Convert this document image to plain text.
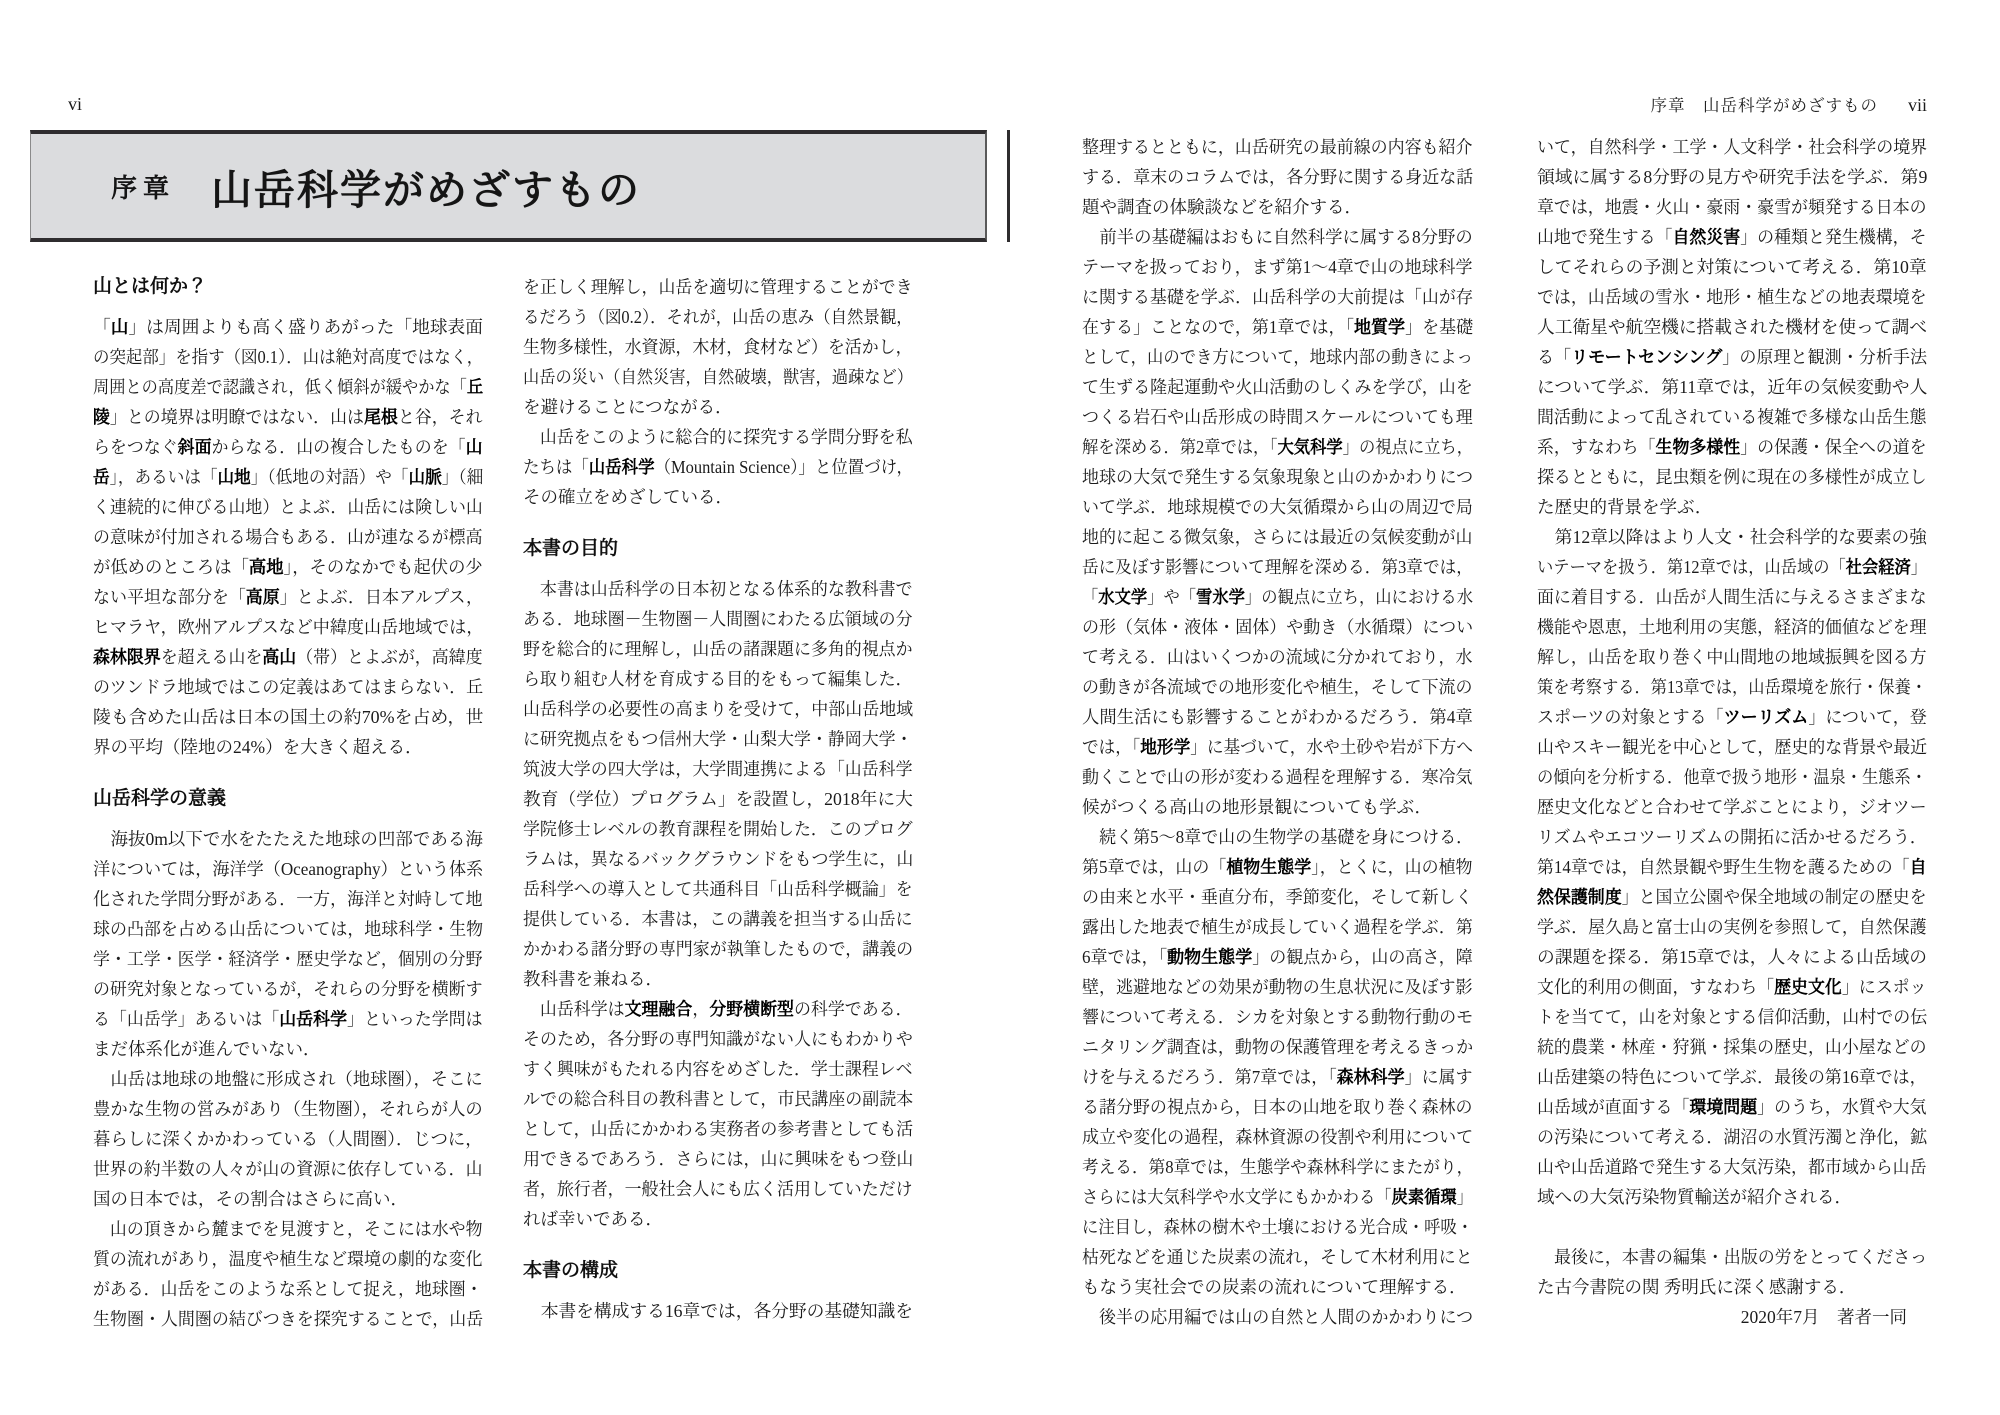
vi
序章 山岳科学がめざすもの
山とは何か？
「山」は周囲よりも高く盛りあがった「地球表面
の突起部」を指す（図0.1）．山は絶対高度ではなく，
周囲との高度差で認識され，低く傾斜が緩やかな「丘
陵」との境界は明瞭ではない．山は尾根と谷，それ
らをつなぐ斜面からなる．山の複合したものを「山
岳」，あるいは「山地」（低地の対語）や「山脈」（細
く連続的に伸びる山地）とよぶ．山岳には険しい山
の意味が付加される場合もある．山が連なるが標高
が低めのところは「高地」，そのなかでも起伏の少
ない平坦な部分を「高原」とよぶ．日本アルプス，
ヒマラヤ，欧州アルプスなど中緯度山岳地域では，
森林限界を超える山を高山（帯）とよぶが，高緯度
のツンドラ地域ではこの定義はあてはまらない．丘
陵も含めた山岳は日本の国土の約70%を占め，世
界の平均（陸地の24%）を大きく超える．
山岳科学の意義
　海抜0m以下で水をたたえた地球の凹部である海
洋については，海洋学（Oceanography）という体系
化された学問分野がある．一方，海洋と対峙して地
球の凸部を占める山岳については，地球科学・生物
学・工学・医学・経済学・歴史学など，個別の分野
の研究対象となっているが，それらの分野を横断す
る「山岳学」あるいは「山岳科学」といった学問は
まだ体系化が進んでいない．
　山岳は地球の地盤に形成され（地球圏），そこに
豊かな生物の営みがあり（生物圏），それらが人の
暮らしに深くかかわっている（人間圏）．じつに，
世界の約半数の人々が山の資源に依存している．山
国の日本では，その割合はさらに高い．
　山の頂きから麓までを見渡すと，そこには水や物
質の流れがあり，温度や植生など環境の劇的な変化
がある．山岳をこのような系として捉え，地球圏・
生物圏・人間圏の結びつきを探究することで，山岳
を正しく理解し，山岳を適切に管理することができ
るだろう（図0.2）．それが，山岳の恵み（自然景観，
生物多様性，水資源，木材，食材など）を活かし，
山岳の災い（自然災害，自然破壊，獣害，過疎など）
を避けることにつながる．
　山岳をこのように総合的に探究する学問分野を私
たちは「山岳科学（Mountain Science）」と位置づけ，
その確立をめざしている．
本書の目的
　本書は山岳科学の日本初となる体系的な教科書で
ある．地球圏－生物圏－人間圏にわたる広領域の分
野を総合的に理解し，山岳の諸課題に多角的視点か
ら取り組む人材を育成する目的をもって編集した．
山岳科学の必要性の高まりを受けて，中部山岳地域
に研究拠点をもつ信州大学・山梨大学・静岡大学・
筑波大学の四大学は，大学間連携による「山岳科学
教育（学位）プログラム」を設置し，2018年に大
学院修士レベルの教育課程を開始した．このプログ
ラムは，異なるバックグラウンドをもつ学生に，山
岳科学への導入として共通科目「山岳科学概論」を
提供している．本書は，この講義を担当する山岳に
かかわる諸分野の専門家が執筆したもので，講義の
教科書を兼ねる．
　山岳科学は文理融合，分野横断型の科学である．
そのため，各分野の専門知識がない人にもわかりや
すく興味がもたれる内容をめざした．学士課程レベ
ルでの総合科目の教科書として，市民講座の副読本
として，山岳にかかわる実務者の参考書としても活
用できるであろう．さらには，山に興味をもつ登山
者，旅行者，一般社会人にも広く活用していただけ
れば幸いである．
本書の構成
　本書を構成する16章では，各分野の基礎知識を
序章　山岳科学がめざすもの vii
整理するとともに，山岳研究の最前線の内容も紹介
する．章末のコラムでは，各分野に関する身近な話
題や調査の体験談などを紹介する．
　前半の基礎編はおもに自然科学に属する8分野の
テーマを扱っており，まず第1～4章で山の地球科学
に関する基礎を学ぶ．山岳科学の大前提は「山が存
在する」ことなので，第1章では，「地質学」を基礎
として，山のでき方について，地球内部の動きによっ
て生ずる隆起運動や火山活動のしくみを学び，山を
つくる岩石や山岳形成の時間スケールについても理
解を深める．第2章では，「大気科学」の視点に立ち，
地球の大気で発生する気象現象と山のかかわりにつ
いて学ぶ．地球規模での大気循環から山の周辺で局
地的に起こる微気象，さらには最近の気候変動が山
岳に及ぼす影響について理解を深める．第3章では，
「水文学」や「雪氷学」の観点に立ち，山における水
の形（気体・液体・固体）や動き（水循環）につい
て考える．山はいくつかの流域に分かれており，水
の動きが各流域での地形変化や植生，そして下流の
人間生活にも影響することがわかるだろう．第4章
では，「地形学」に基づいて，水や土砂や岩が下方へ
動くことで山の形が変わる過程を理解する．寒冷気
候がつくる高山の地形景観についても学ぶ．
　続く第5～8章で山の生物学の基礎を身につける．
第5章では，山の「植物生態学」，とくに，山の植物
の由来と水平・垂直分布，季節変化，そして新しく
露出した地表で植生が成長していく過程を学ぶ．第
6章では，「動物生態学」の観点から，山の高さ，障
壁，逃避地などの効果が動物の生息状況に及ぼす影
響について考える．シカを対象とする動物行動のモ
ニタリング調査は，動物の保護管理を考えるきっか
けを与えるだろう．第7章では，「森林科学」に属す
る諸分野の視点から，日本の山地を取り巻く森林の
成立や変化の過程，森林資源の役割や利用について
考える．第8章では，生態学や森林科学にまたがり，
さらには大気科学や水文学にもかかわる「炭素循環」
に注目し，森林の樹木や土壌における光合成・呼吸・
枯死などを通じた炭素の流れ，そして木材利用にと
もなう実社会での炭素の流れについて理解する．
　後半の応用編では山の自然と人間のかかわりにつ
いて，自然科学・工学・人文科学・社会科学の境界
領域に属する8分野の見方や研究手法を学ぶ．第9
章では，地震・火山・豪雨・豪雪が頻発する日本の
山地で発生する「自然災害」の種類と発生機構，そ
してそれらの予測と対策について考える．第10章
では，山岳域の雪氷・地形・植生などの地表環境を
人工衛星や航空機に搭載された機材を使って調べ
る「リモートセンシング」の原理と観測・分析手法
について学ぶ．第11章では，近年の気候変動や人
間活動によって乱されている複雑で多様な山岳生態
系，すなわち「生物多様性」の保護・保全への道を
探るとともに，昆虫類を例に現在の多様性が成立し
た歴史的背景を学ぶ．
　第12章以降はより人文・社会科学的な要素の強
いテーマを扱う．第12章では，山岳域の「社会経済」
面に着目する．山岳が人間生活に与えるさまざまな
機能や恩恵，土地利用の実態，経済的価値などを理
解し，山岳を取り巻く中山間地の地域振興を図る方
策を考察する．第13章では，山岳環境を旅行・保養・
スポーツの対象とする「ツーリズム」について，登
山やスキー観光を中心として，歴史的な背景や最近
の傾向を分析する．他章で扱う地形・温泉・生態系・
歴史文化などと合わせて学ぶことにより，ジオツー
リズムやエコツーリズムの開拓に活かせるだろう．
第14章では，自然景観や野生生物を護るための「自
然保護制度」と国立公園や保全地域の制定の歴史を
学ぶ．屋久島と富士山の実例を参照して，自然保護
の課題を探る．第15章では，人々による山岳域の
文化的利用の側面，すなわち「歴史文化」にスポッ
トを当てて，山を対象とする信仰活動，山村での伝
統的農業・林産・狩猟・採集の歴史，山小屋などの
山岳建築の特色について学ぶ．最後の第16章では，
山岳域が直面する「環境問題」のうち，水質や大気
の汚染について考える．湖沼の水質汚濁と浄化，鉱
山や山岳道路で発生する大気汚染，都市域から山岳
域への大気汚染物質輸送が紹介される．
　最後に，本書の編集・出版の労をとってくださっ
た古今書院の関 秀明氏に深く感謝する．
2020年7月　著者一同
